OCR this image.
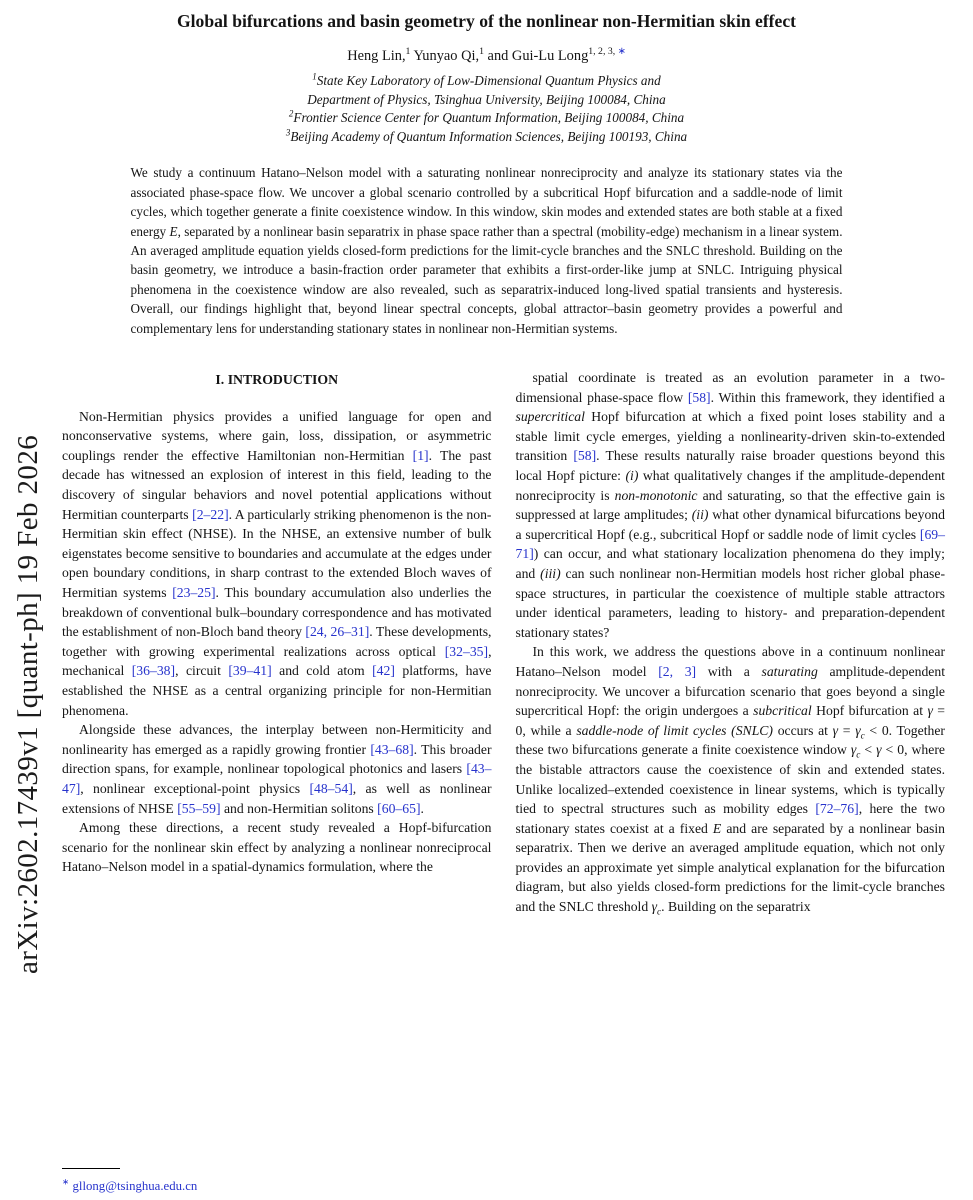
arXiv:2602.17439v1 [quant-ph] 19 Feb 2026
Global bifurcations and basin geometry of the nonlinear non-Hermitian skin effect
Heng Lin,$^1$ Yunyao Qi,$^1$ and Gui-Lu Long$^{1, 2, 3,}$ ∗
$^1$State Key Laboratory of Low-Dimensional Quantum Physics and
Department of Physics, Tsinghua University, Beijing 100084, China
$^2$Frontier Science Center for Quantum Information, Beijing 100084, China
$^3$Beijing Academy of Quantum Information Sciences, Beijing 100193, China
We study a continuum Hatano–Nelson model with a saturating nonlinear nonreciprocity and analyze its stationary states via the associated phase-space flow. We uncover a global scenario controlled by a subcritical Hopf bifurcation and a saddle-node of limit cycles, which together generate a finite coexistence window. In this window, skin modes and extended states are both stable at a fixed energy E, separated by a nonlinear basin separatrix in phase space rather than a spectral (mobility-edge) mechanism in a linear system. An averaged amplitude equation yields closed-form predictions for the limit-cycle branches and the SNLC threshold. Building on the basin geometry, we introduce a basin-fraction order parameter that exhibits a first-order-like jump at SNLC. Intriguing physical phenomena in the coexistence window are also revealed, such as separatrix-induced long-lived spatial transients and hysteresis. Overall, our findings highlight that, beyond linear spectral concepts, global attractor–basin geometry provides a powerful and complementary lens for understanding stationary states in nonlinear non-Hermitian systems.
I. INTRODUCTION

Non-Hermitian physics provides a unified language for open and nonconservative systems, where gain, loss, dissipation, or asymmetric couplings render the effective Hamiltonian non-Hermitian [1]. The past decade has witnessed an explosion of interest in this field, leading to the discovery of singular behaviors and novel potential applications without Hermitian counterparts [2–22]. A particularly striking phenomenon is the non-Hermitian skin effect (NHSE). In the NHSE, an extensive number of bulk eigenstates become sensitive to boundaries and accumulate at the edges under open boundary conditions, in sharp contrast to the extended Bloch waves of Hermitian systems [23–25]. This boundary accumulation also underlies the breakdown of conventional bulk–boundary correspondence and has motivated the establishment of non-Bloch band theory [24, 26–31]. These developments, together with growing experimental realizations across optical [32–35], mechanical [36–38], circuit [39–41] and cold atom [42] platforms, have established the NHSE as a central organizing principle for non-Hermitian phenomena.

Alongside these advances, the interplay between non-Hermiticity and nonlinearity has emerged as a rapidly growing frontier [43–68]. This broader direction spans, for example, nonlinear topological photonics and lasers [43–47], nonlinear exceptional-point physics [48–54], as well as nonlinear extensions of NHSE [55–59] and non-Hermitian solitons [60–65].

Among these directions, a recent study revealed a Hopf-bifurcation scenario for the nonlinear skin effect by analyzing a nonlinear nonreciprocal Hatano–Nelson model in a spatial-dynamics formulation, where the

spatial coordinate is treated as an evolution parameter in a two-dimensional phase-space flow [58]. Within this framework, they identified a supercritical Hopf bifurcation at which a fixed point loses stability and a stable limit cycle emerges, yielding a nonlinearity-driven skin-to-extended transition [58]. These results naturally raise broader questions beyond this local Hopf picture: (i) what qualitatively changes if the amplitude-dependent nonreciprocity is non-monotonic and saturating, so that the effective gain is suppressed at large amplitudes; (ii) what other dynamical bifurcations beyond a supercritical Hopf (e.g., subcritical Hopf or saddle node of limit cycles [69–71]) can occur, and what stationary localization phenomena do they imply; and (iii) can such nonlinear non-Hermitian models host richer global phase-space structures, in particular the coexistence of multiple stable attractors under identical parameters, leading to history- and preparation-dependent stationary states?

In this work, we address the questions above in a continuum nonlinear Hatano–Nelson model [2, 3] with a saturating amplitude-dependent nonreciprocity. We uncover a bifurcation scenario that goes beyond a single supercritical Hopf: the origin undergoes a subcritical Hopf bifurcation at γ = 0, while a saddle-node of limit cycles (SNLC) occurs at $\gamma = \gamma_c < 0$. Together these two bifurcations generate a finite coexistence window $\gamma_c < \gamma < 0$, where the bistable attractors cause the coexistence of skin and extended states. Unlike localized–extended coexistence in linear systems, which is typically tied to spectral structures such as mobility edges [72–76], here the two stationary states coexist at a fixed E and are separated by a nonlinear basin separatrix. Then we derive an averaged amplitude equation, which not only provides an approximate yet simple analytical explanation for the bifurcation diagram, but also yields closed-form predictions for the limit-cycle branches and the SNLC threshold $\gamma_c$. Building on the separatrix

∗ gllong@tsinghua.edu.cn
